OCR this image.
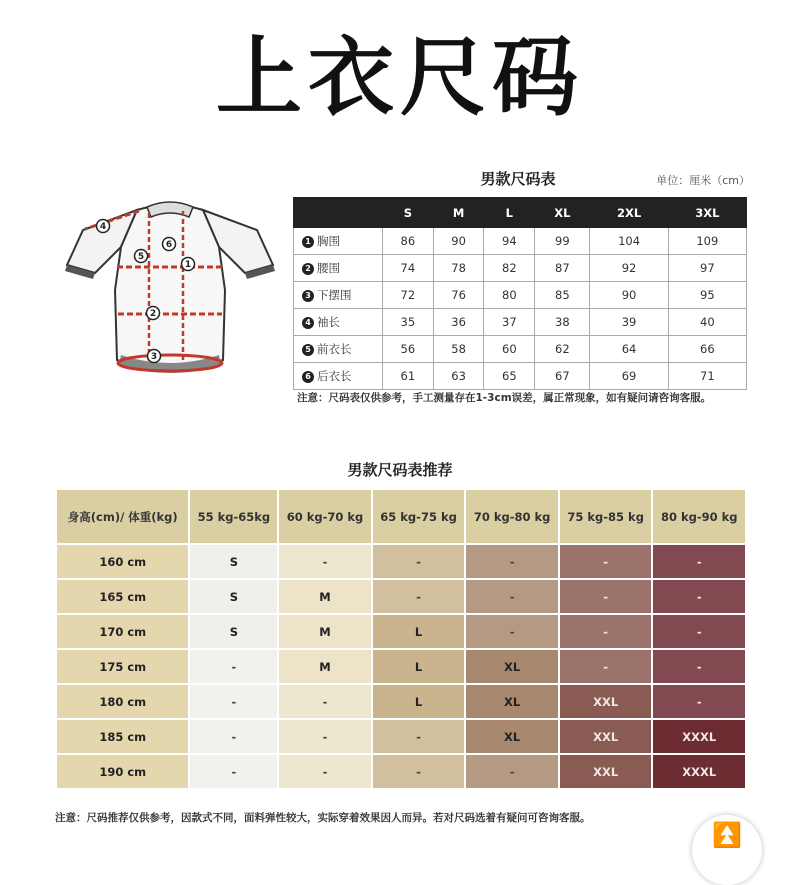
上衣尺码
男款尺码表	单位：厘米（cm）
1
2
3
4
5
6
	S	M	L	XL	2XL	3XL
1 胸围	86	90	94	99	104	109
2 腰围	74	78	82	87	92	97
3 下摆围	72	76	80	85	90	95
4 袖长	35	36	37	38	39	40
5 前衣长	56	58	60	62	64	66
6 后衣长	61	63	65	67	69	71
注意：尺码表仅供参考，手工测量存在1-3cm误差，属正常现象，如有疑问请咨询客服。
男款尺码表推荐
身高(cm)/ 体重(kg)	55 kg-65kg	60 kg-70 kg	65 kg-75 kg	70 kg-80 kg	75 kg-85 kg	80 kg-90 kg
160 cm	S	-	-	-	-	-
165 cm	S	M	-	-	-	-
170 cm	S	M	L	-	-	-
175 cm	-	M	L	XL	-	-
180 cm	-	-	L	XL	XXL	-
185 cm	-	-	-	XL	XXL	XXXL
190 cm	-	-	-	-	XXL	XXXL
注意：尺码推荐仅供参考，因款式不同，面料弹性较大，实际穿着效果因人而异。若对尺码选着有疑问可咨询客服。
⏫
